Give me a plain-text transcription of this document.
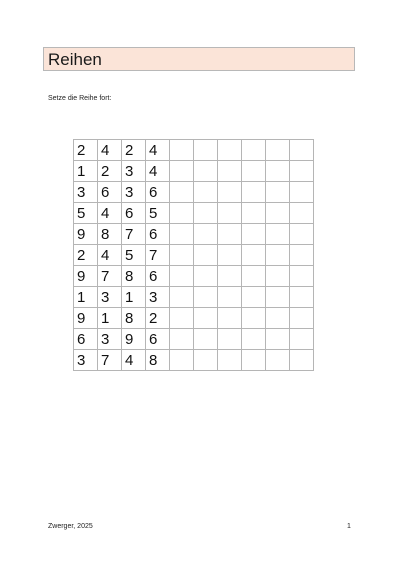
Reihen
Setze die Reihe fort:
2	4	2	4						
1	2	3	4						
3	6	3	6						
5	4	6	5						
9	8	7	6						
2	4	5	7						
9	7	8	6						
1	3	1	3						
9	1	8	2						
6	3	9	6						
3	7	4	8						
Zwerger, 2025	1
